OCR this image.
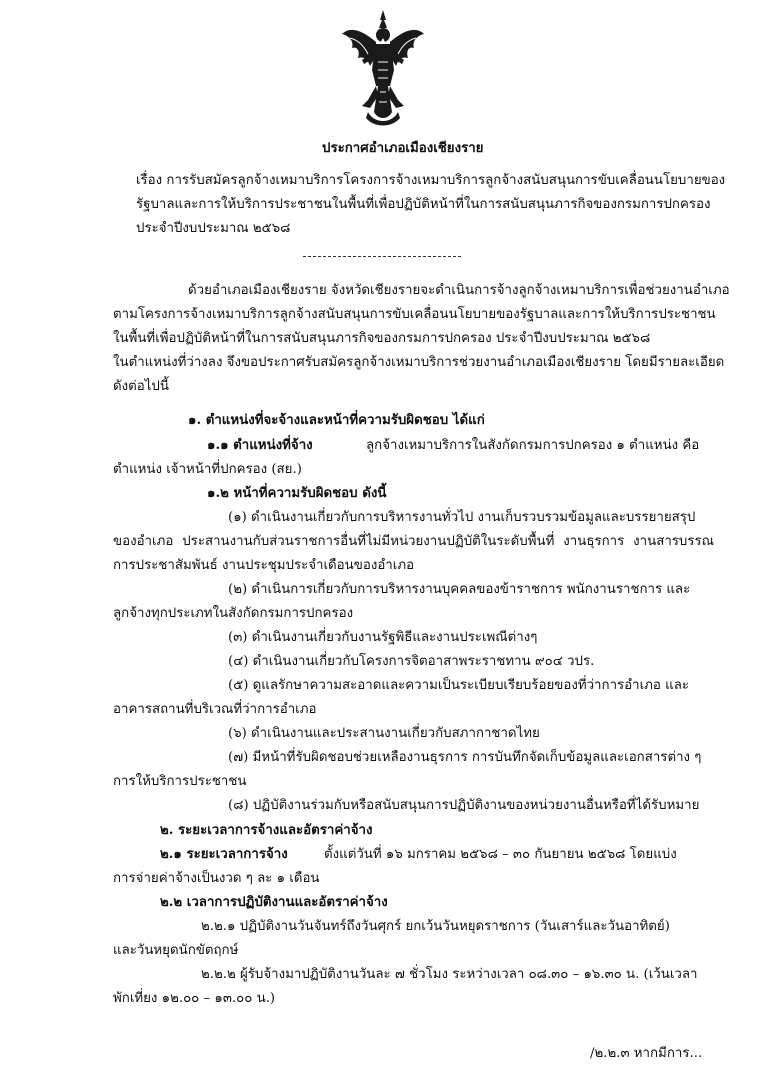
ประกาศอำเภอเมืองเชียงราย
เรื่อง การรับสมัครลูกจ้างเหมาบริการโครงการจ้างเหมาบริการลูกจ้างสนับสนุนการขับเคลื่อนนโยบายของ
รัฐบาลและการให้บริการประชาชนในพื้นที่เพื่อปฏิบัติหน้าที่ในการสนับสนุนภารกิจของกรมการปกครอง
ประจำปีงบประมาณ ๒๕๖๘
ด้วยอำเภอเมืองเชียงราย จังหวัดเชียงรายจะดำเนินการจ้างลูกจ้างเหมาบริการเพื่อช่วยงานอำเภอ
ตามโครงการจ้างเหมาบริการลูกจ้างสนับสนุนการขับเคลื่อนนโยบายของรัฐบาลและการให้บริการประชาชน
ในพื้นที่เพื่อปฏิบัติหน้าที่ในการสนับสนุนภารกิจของกรมการปกครอง ประจำปีงบประมาณ ๒๕๖๘
ในตำแหน่งที่ว่างลง จึงขอประกาศรับสมัครลูกจ้างเหมาบริการช่วยงานอำเภอเมืองเชียงราย โดยมีรายละเอียด
ดังต่อไปนี้
๑. ตำแหน่งที่จะจ้างและหน้าที่ความรับผิดชอบ ได้แก่
๑.๑ ตำแหน่งที่จ้าง	ลูกจ้างเหมาบริการในสังกัดกรมการปกครอง ๑ ตำแหน่ง คือ
ตำแหน่ง เจ้าหน้าที่ปกครอง (สย.)
๑.๒ หน้าที่ความรับผิดชอบ ดังนี้
(๑) ดำเนินงานเกี่ยวกับการบริหารงานทั่วไป งานเก็บรวบรวมข้อมูลและบรรยายสรุป
ของอำเภอ ประสานงานกับส่วนราชการอื่นที่ไม่มีหน่วยงานปฏิบัติในระดับพื้นที่ งานธุรการ งานสารบรรณ
การประชาสัมพันธ์ งานประชุมประจำเดือนของอำเภอ
(๒) ดำเนินการเกี่ยวกับการบริหารงานบุคคลของข้าราชการ พนักงานราชการ และ
ลูกจ้างทุกประเภทในสังกัดกรมการปกครอง
(๓) ดำเนินงานเกี่ยวกับงานรัฐพิธีและงานประเพณีต่างๆ
(๔) ดำเนินงานเกี่ยวกับโครงการจิตอาสาพระราชทาน ๙๐๔ วปร.
(๕) ดูแลรักษาความสะอาดและความเป็นระเบียบเรียบร้อยของที่ว่าการอำเภอ และ
อาคารสถานที่บริเวณที่ว่าการอำเภอ
(๖) ดำเนินงานและประสานงานเกี่ยวกับสภากาชาดไทย
(๗) มีหน้าที่รับผิดชอบช่วยเหลืองานธุรการ การบันทึกจัดเก็บข้อมูลและเอกสารต่าง ๆ
การให้บริการประชาชน
(๘) ปฏิบัติงานร่วมกับหรือสนับสนุนการปฏิบัติงานของหน่วยงานอื่นหรือที่ได้รับหมาย
๒. ระยะเวลาการจ้างและอัตราค่าจ้าง
๒.๑ ระยะเวลาการจ้าง	ตั้งแต่วันที่ ๑๖ มกราคม ๒๕๖๘ – ๓๐ กันยายน ๒๕๖๘ โดยแบ่ง
การจ่ายค่าจ้างเป็นงวด ๆ ละ ๑ เดือน
๒.๒ เวลาการปฏิบัติงานและอัตราค่าจ้าง
๒.๒.๑ ปฏิบัติงานวันจันทร์ถึงวันศุกร์ ยกเว้นวันหยุดราชการ (วันเสาร์และวันอาทิตย์)
และวันหยุดนักขัตฤกษ์
๒.๒.๒ ผู้รับจ้างมาปฏิบัติงานวันละ ๗ ชั่วโมง ระหว่างเวลา ๐๘.๓๐ – ๑๖.๓๐ น. (เว้นเวลา
พักเที่ยง ๑๒.๐๐ – ๑๓.๐๐ น.)
/๒.๒.๓ หากมีการ...
